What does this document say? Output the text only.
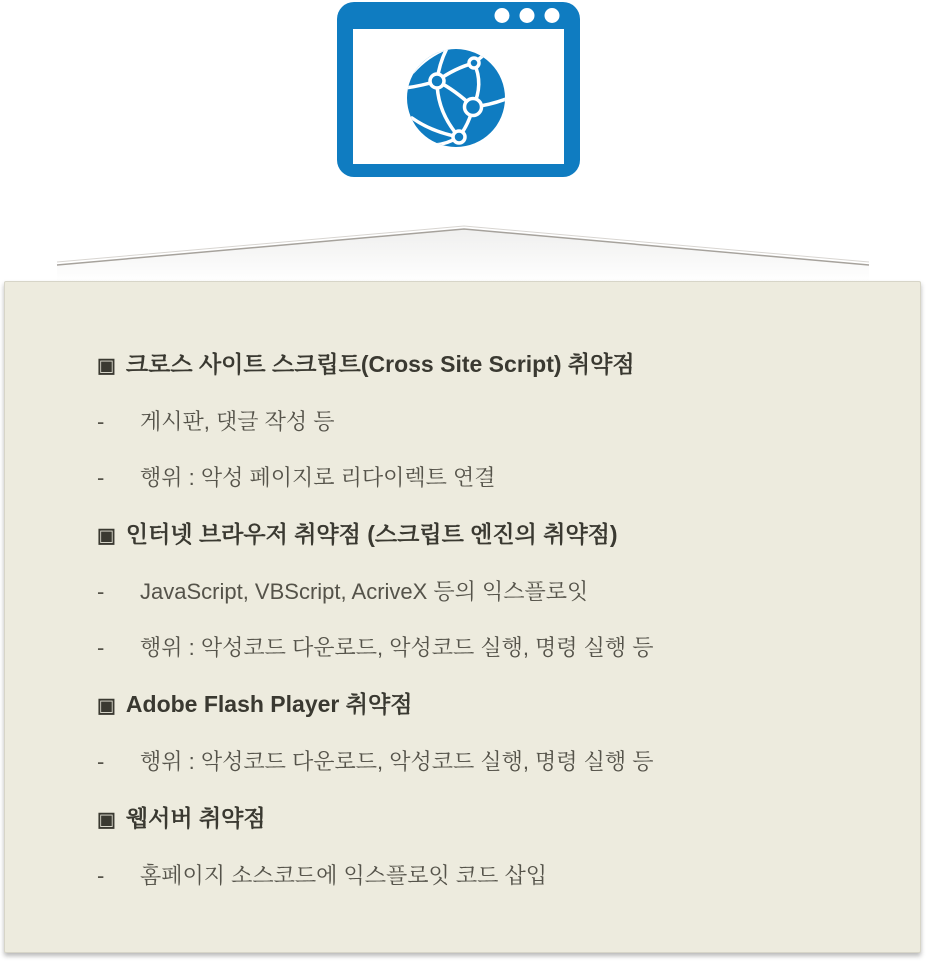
▣ 크로스 사이트 스크립트(Cross Site Script) 취약점
-	게시판, 댓글 작성 등
-	행위 : 악성 페이지로 리다이렉트 연결
▣ 인터넷 브라우저 취약점 (스크립트 엔진의 취약점)
-	JavaScript, VBScript, AcriveX 등의 익스플로잇
-	행위 : 악성코드 다운로드, 악성코드 실행, 명령 실행 등
▣ Adobe Flash Player 취약점
-	행위 : 악성코드 다운로드, 악성코드 실행, 명령 실행 등
▣ 웹서버 취약점
-	홈페이지 소스코드에 익스플로잇 코드 삽입
